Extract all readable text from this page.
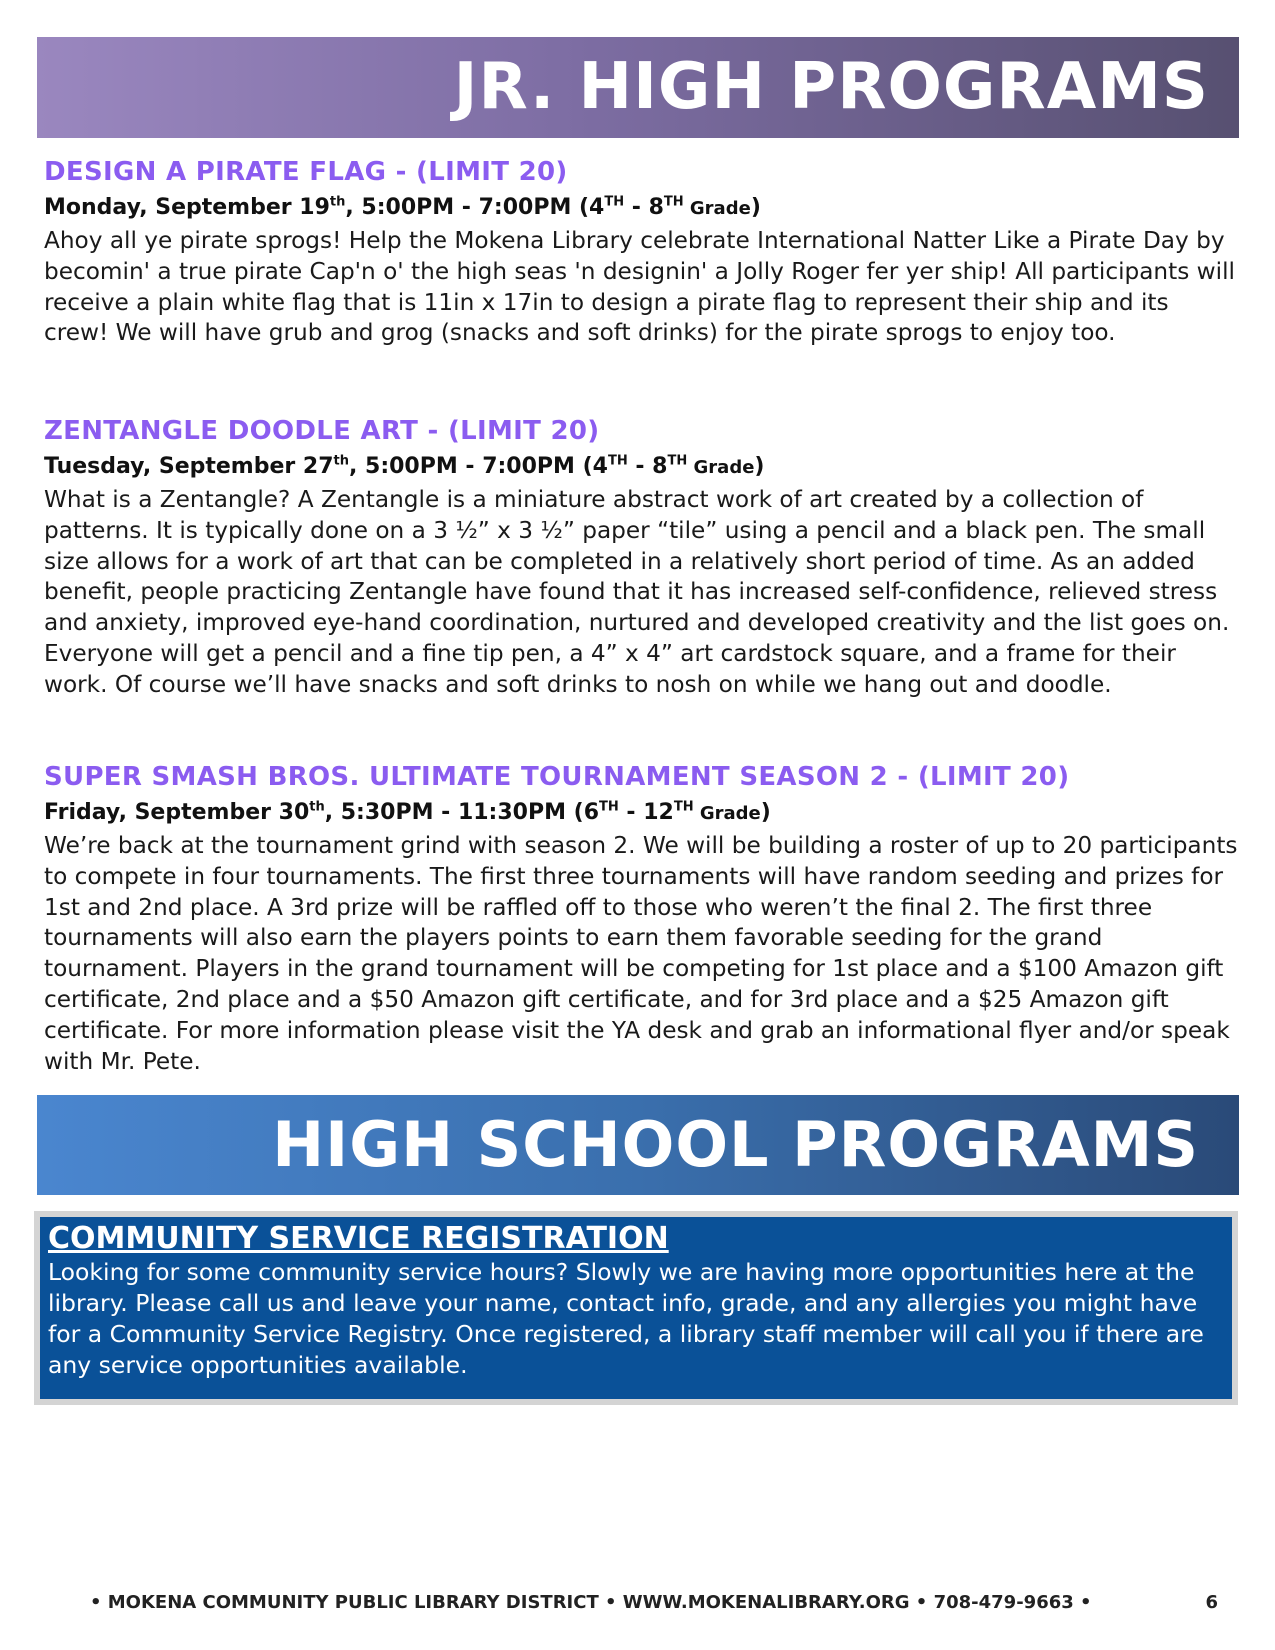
JR. HIGH PROGRAMS

DESIGN A PIRATE FLAG - (LIMIT 20)

Monday, September 19th, 5:00PM - 7:00PM (4TH - 8TH Grade)

Ahoy all ye pirate sprogs! Help the Mokena Library celebrate International Natter Like a Pirate Day by becomin' a true pirate Cap'n o' the high seas 'n designin' a Jolly Roger fer yer ship! All participants will receive a plain white flag that is 11in x 17in to design a pirate flag to represent their ship and its crew! We will have grub and grog (snacks and soft drinks) for the pirate sprogs to enjoy too.

ZENTANGLE DOODLE ART - (LIMIT 20)

Tuesday, September 27th, 5:00PM - 7:00PM (4TH - 8TH Grade)

What is a Zentangle? A Zentangle is a miniature abstract work of art created by a collection of patterns. It is typically done on a 3 ½” x 3 ½” paper “tile” using a pencil and a black pen. The small size allows for a work of art that can be completed in a relatively short period of time. As an added benefit, people practicing Zentangle have found that it has increased self-confidence, relieved stress and anxiety, improved eye-hand coordination, nurtured and developed creativity and the list goes on. Everyone will get a pencil and a fine tip pen, a 4” x 4” art cardstock square, and a frame for their work. Of course we’ll have snacks and soft drinks to nosh on while we hang out and doodle.

SUPER SMASH BROS. ULTIMATE TOURNAMENT SEASON 2 - (LIMIT 20)

Friday, September 30th, 5:30PM - 11:30PM (6TH - 12TH Grade)

We’re back at the tournament grind with season 2. We will be building a roster of up to 20 participants to compete in four tournaments. The first three tournaments will have random seeding and prizes for 1st and 2nd place. A 3rd prize will be raffled off to those who weren’t the final 2. The first three tournaments will also earn the players points to earn them favorable seeding for the grand tournament. Players in the grand tournament will be competing for 1st place and a $100 Amazon gift certificate, 2nd place and a $50 Amazon gift certificate, and for 3rd place and a $25 Amazon gift certificate. For more information please visit the YA desk and grab an informational flyer and/or speak with Mr. Pete.

HIGH SCHOOL PROGRAMS

COMMUNITY SERVICE REGISTRATION

Looking for some community service hours? Slowly we are having more opportunities here at the library. Please call us and leave your name, contact info, grade, and any allergies you might have for a Community Service Registry. Once registered, a library staff member will call you if there are any service opportunities available.

• MOKENA COMMUNITY PUBLIC LIBRARY DISTRICT • WWW.MOKENALIBRARY.ORG • 708-479-9663 •	6
